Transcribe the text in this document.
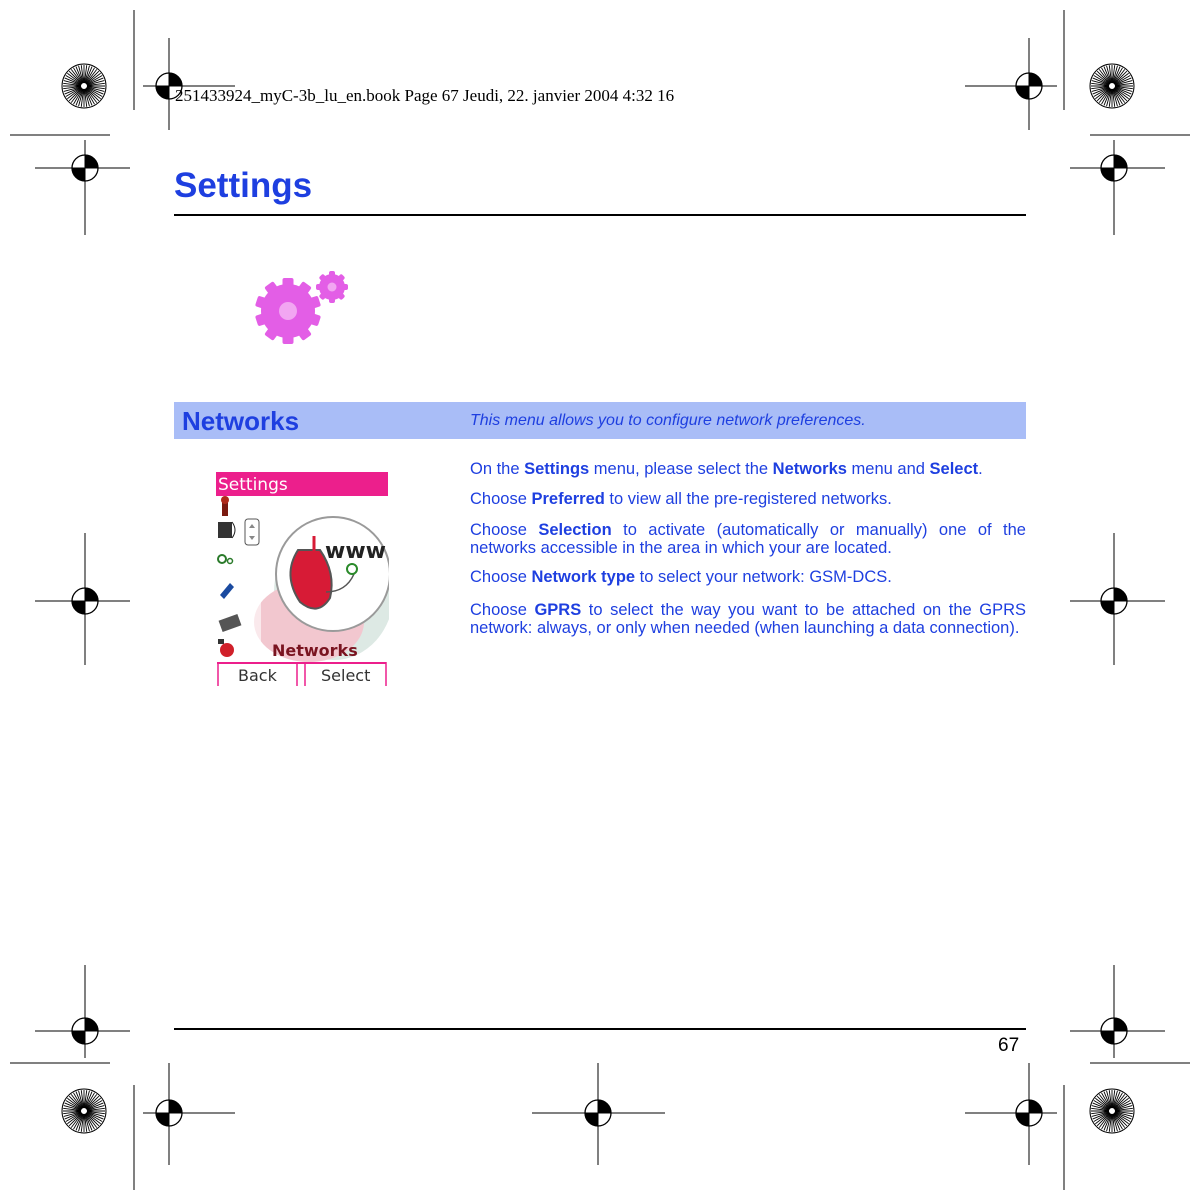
251433924_myC-3b_lu_en.book Page 67 Jeudi, 22. janvier 2004 4:32 16
Settings
Networks	This menu allows you to configure network preferences.
Settings
www
Networks
Back	Select
On the Settings menu, please select the Networks menu and Select.
Choose Preferred to view all the pre-registered networks.
Choose Selection to activate (automatically or manually) one of the networks accessible in the area in which your are located.
Choose Network type to select your network: GSM-DCS.
Choose GPRS to select the way you want to be attached on the GPRS network: always, or only when needed (when launching a data connection).
67
